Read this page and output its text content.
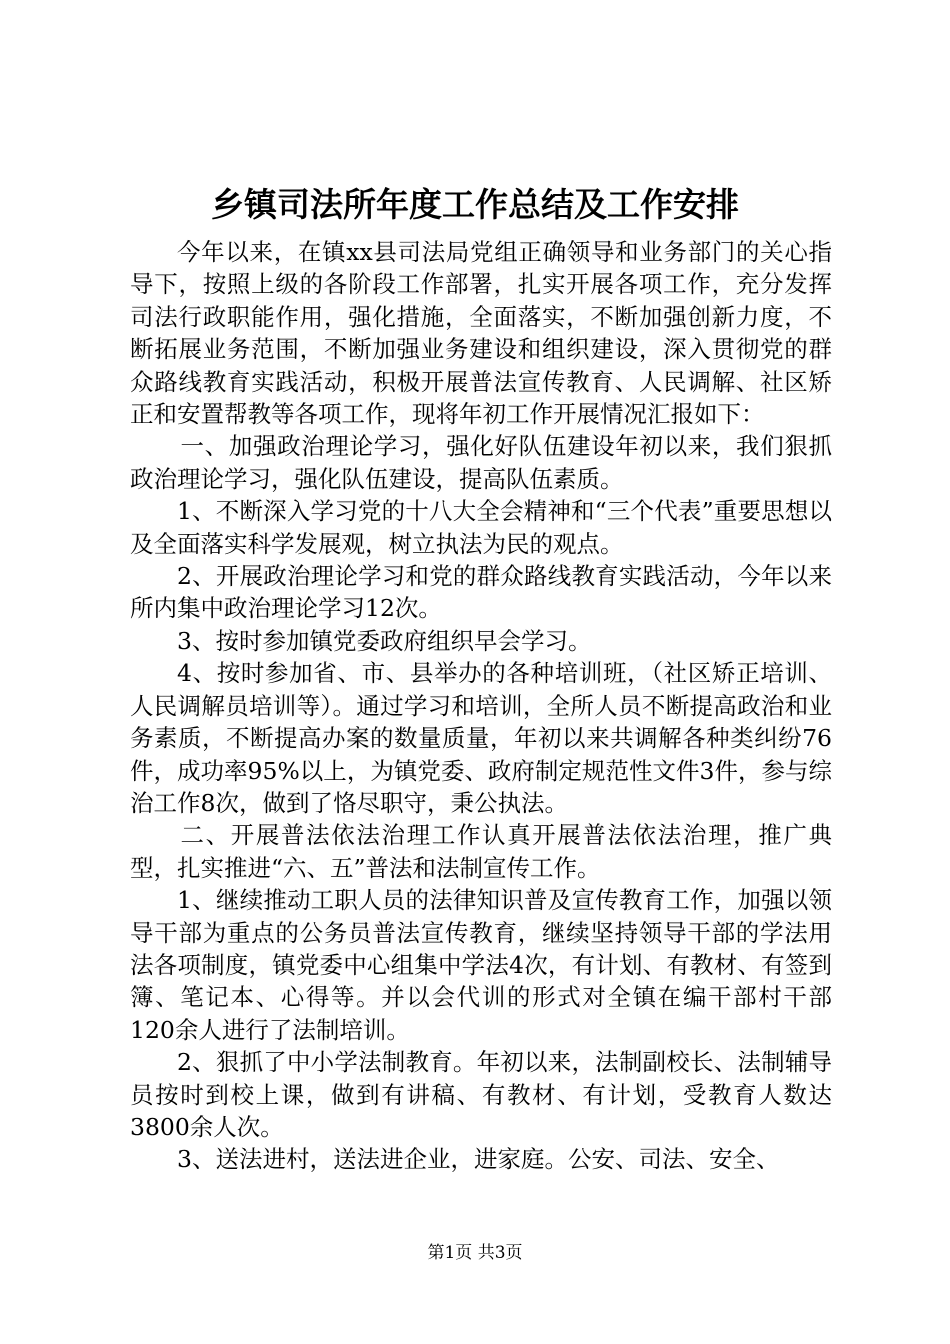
乡镇司法所年度工作总结及工作安排

今年以来，在镇xx县司法局党组正确领导和业务部门的关心指导下，按照上级的各阶段工作部署，扎实开展各项工作，充分发挥司法行政职能作用，强化措施，全面落实，不断加强创新力度，不断拓展业务范围，不断加强业务建设和组织建设，深入贯彻党的群众路线教育实践活动，积极开展普法宣传教育、人民调解、社区矫正和安置帮教等各项工作，现将年初工作开展情况汇报如下：

一、加强政治理论学习，强化好队伍建设年初以来，我们狠抓政治理论学习，强化队伍建设，提高队伍素质。

1、不断深入学习党的十八大全会精神和“三个代表”重要思想以及全面落实科学发展观，树立执法为民的观点。

2、开展政治理论学习和党的群众路线教育实践活动，今年以来所内集中政治理论学习12次。

3、按时参加镇党委政府组织早会学习。

4、按时参加省、市、县举办的各种培训班，（社区矫正培训、人民调解员培训等）。通过学习和培训，全所人员不断提高政治和业务素质，不断提高办案的数量质量，年初以来共调解各种类纠纷76件，成功率95%以上，为镇党委、政府制定规范性文件3件，参与综治工作8次，做到了恪尽职守，秉公执法。

二、开展普法依法治理工作认真开展普法依法治理，推广典型，扎实推进“六、五”普法和法制宣传工作。

1、继续推动工职人员的法律知识普及宣传教育工作，加强以领导干部为重点的公务员普法宣传教育，继续坚持领导干部的学法用法各项制度，镇党委中心组集中学法4次，有计划、有教材、有签到簿、笔记本、心得等。并以会代训的形式对全镇在编干部村干部120余人进行了法制培训。

2、狠抓了中小学法制教育。年初以来，法制副校长、法制辅导员按时到校上课，做到有讲稿、有教材、有计划，受教育人数达3800余人次。

3、送法进村，送法进企业，进家庭。公安、司法、安全、

第1页 共3页
